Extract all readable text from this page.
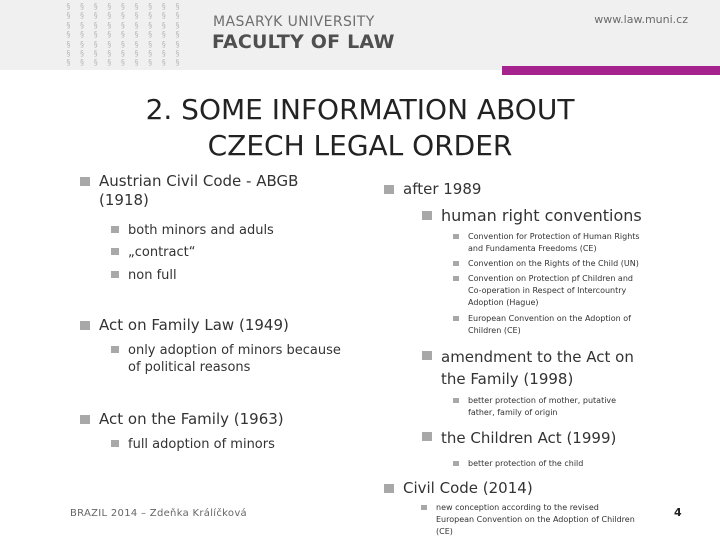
§ § § § § § § § §
§ § § § § § § § §
§ § § § § § § § §
§ § § § § § § § §
§ § § § § § § § §
§ § § § § § § § §
§ § § § § § § § §
MASARYK UNIVERSITY
FACULTY OF LAW
www.law.muni.cz
2. SOME INFORMATION ABOUT
CZECH LEGAL ORDER
Austrian Civil Code - ABGB
(1918)
both minors and aduls
„contract“
non full
Act on Family Law (1949)
only adoption of minors because
of political reasons
Act on the Family (1963)
full adoption of minors
after 1989
human right conventions
Convention for Protection of Human Rights
and Fundamenta Freedoms (CE)
Convention on the Rights of the Child (UN)
Convention on Protection pf Children and
Co-operation in Respect of Intercountry
Adoption (Hague)
European Convention on the Adoption of
Children (CE)
amendment to the Act on
the Family (1998)
better protection of mother, putative
father, family of origin
the Children Act (1999)
better protection of the child
Civil Code (2014)
new conception according to the revised
European Convention on the Adoption of Children
(CE)
BRAZIL 2014 – Zdeňka Králíčková	4
